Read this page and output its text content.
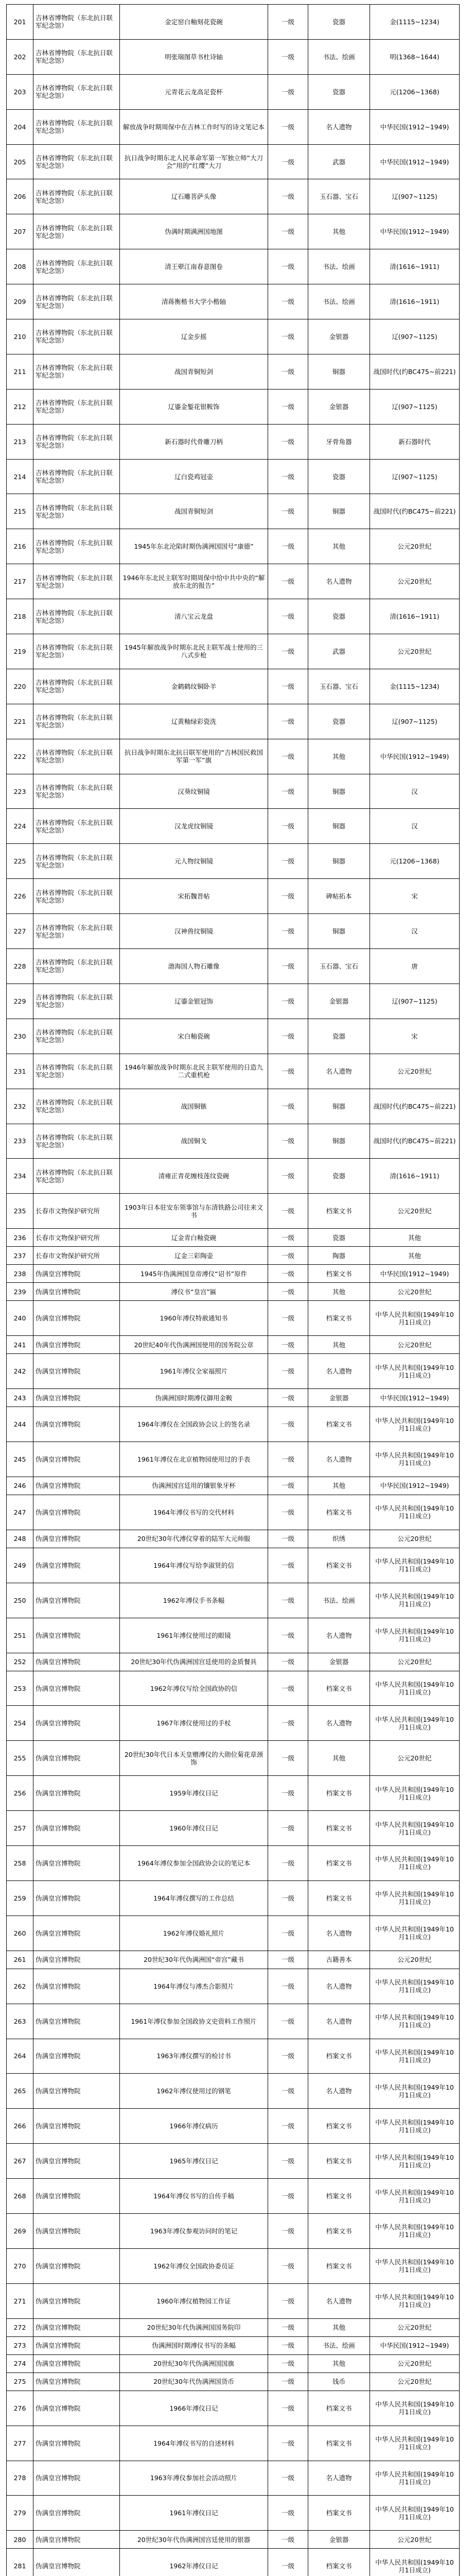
201	吉林省博物院（东北抗日联军纪念馆）	金定窑白釉刻花瓷碗	一级	瓷器	金(1115~1234)
202	吉林省博物院（东北抗日联军纪念馆）	明张瑞图草书杜诗轴	一级	书法、绘画	明(1368~1644)
203	吉林省博物院（东北抗日联军纪念馆）	元青花云龙高足瓷杯	一级	瓷器	元(1206~1368)
204	吉林省博物院（东北抗日联军纪念馆）	解放战争时期周保中在吉林工作时写的诗文笔记本	一级	名人遗物	中华民国(1912~1949)
205	吉林省博物院（东北抗日联军纪念馆）	抗日战争时期东北人民革命军第一军独立师“大刀会”用的“红缨”大刀	一级	武器	中华民国(1912~1949)
206	吉林省博物院（东北抗日联军纪念馆）	辽石雕菩萨头像	一级	玉石器、宝石	辽(907~1125)
207	吉林省博物院（东北抗日联军纪念馆）	伪满时期满洲国地图	一级	其他	中华民国(1912~1949)
208	吉林省博物院（东北抗日联军纪念馆）	清王翚江南春意图卷	一级	书法、绘画	清(1616~1911)
209	吉林省博物院（东北抗日联军纪念馆）	清蒋衡楷书大学小楷轴	一级	书法、绘画	清(1616~1911)
210	吉林省博物院（东北抗日联军纪念馆）	辽金步摇	一级	金银器	辽(907~1125)
211	吉林省博物院（东北抗日联军纪念馆）	战国青铜短剑	一级	铜器	战国时代(约BC475~前221)
212	吉林省博物院（东北抗日联军纪念馆）	辽鎏金錾花银鞍饰	一级	金银器	辽(907~1125)
213	吉林省博物院（东北抗日联军纪念馆）	新石器时代骨雕刀柄	一级	牙骨角器	新石器时代
214	吉林省博物院（东北抗日联军纪念馆）	辽白瓷鸡冠壶	一级	瓷器	辽(907~1125)
215	吉林省博物院（东北抗日联军纪念馆）	战国青铜短剑	一级	铜器	战国时代(约BC475~前221)
216	吉林省博物院（东北抗日联军纪念馆）	1945年东北沦陷时期伪满洲国国号“康德”	一级	其他	公元20世纪
217	吉林省博物院（东北抗日联军纪念馆）	1946年东北民主联军时期周保中给中共中央的“解放东北的报告”	一级	名人遗物	公元20世纪
218	吉林省博物院（东北抗日联军纪念馆）	清八宝云龙盘	一级	瓷器	清(1616~1911)
219	吉林省博物院（东北抗日联军纪念馆）	1945年解放战争时期东北民主联军战士使用的三八式步枪	一级	武器	公元20世纪
220	吉林省博物院（东北抗日联军纪念馆）	金鹤鹤纹铜卧羊	一级	玉石器、宝石	金(1115~1234)
221	吉林省博物院（东北抗日联军纪念馆）	辽黄釉绿彩瓷洗	一级	瓷器	辽(907~1125)
222	吉林省博物院（东北抗日联军纪念馆）	抗日战争时期东北抗日联军使用的“吉林国民救国军第一军”旗	一级	其他	中华民国(1912~1949)
223	吉林省博物院（东北抗日联军纪念馆）	汉葵纹铜镜	一级	铜器	汉
224	吉林省博物院（东北抗日联军纪念馆）	汉龙虎纹铜镜	一级	铜器	汉
225	吉林省博物院（东北抗日联军纪念馆）	元人物纹铜镜	一级	铜器	元(1206~1368)
226	吉林省博物院（东北抗日联军纪念馆）	宋拓魏晋帖	一级	碑帖拓本	宋
227	吉林省博物院（东北抗日联军纪念馆）	汉神兽纹铜镜	一级	铜器	汉
228	吉林省博物院（东北抗日联军纪念馆）	渤海国人物石雕像	一级	玉石器、宝石	唐
229	吉林省博物院（东北抗日联军纪念馆）	辽鎏金银冠饰	一级	金银器	辽(907~1125)
230	吉林省博物院（东北抗日联军纪念馆）	宋白釉瓷碗	一级	瓷器	宋
231	吉林省博物院（东北抗日联军纪念馆）	1946年解放战争时期东北民主联军使用的日造九二式重机枪	一级	名人遗物	公元20世纪
232	吉林省博物院（东北抗日联军纪念馆）	战国铜镞	一级	铜器	战国时代(约BC475~前221)
233	吉林省博物院（东北抗日联军纪念馆）	战国铜戈	一级	铜器	战国时代(约BC475~前221)
234	吉林省博物院（东北抗日联军纪念馆）	清雍正青花缠枝莲纹瓷碗	一级	瓷器	清(1616~1911)
235	长春市文物保护研究所	1903年日本驻安东领事馆与东清铁路公司往来文书	一级	档案文书	公元20世纪
236	长春市文物保护研究所	辽金青白釉瓷碗	一级	瓷器	其他
237	长春市文物保护研究所	辽金三彩陶壶	一级	陶器	其他
238	伪满皇宫博物院	1945年伪满洲国皇帝溥仪“诏书”原件	一级	档案文书	中华民国(1912~1949)
239	伪满皇宫博物院	溥仪书“皇宫”匾	一级	其他	公元20世纪
240	伪满皇宫博物院	1960年溥仪特赦通知书	一级	档案文书	中华人民共和国(1949年10月1日成立)
241	伪满皇宫博物院	20世纪40年代伪满洲国使用的国务院公章	一级	其他	公元20世纪
242	伪满皇宫博物院	1961年溥仪全家福照片	一级	名人遗物	中华人民共和国(1949年10月1日成立)
243	伪满皇宫博物院	伪满洲国时期溥仪御用金鞍	一级	金银器	中华民国(1912~1949)
244	伪满皇宫博物院	1964年溥仪在全国政协会议上的签名录	一级	档案文书	中华人民共和国(1949年10月1日成立)
245	伪满皇宫博物院	1961年溥仪在北京植物园使用过的手表	一级	名人遗物	中华人民共和国(1949年10月1日成立)
246	伪满皇宫博物院	伪满洲国宫廷用的镶银象牙杯	一级	其他	中华民国(1912~1949)
247	伪满皇宫博物院	1964年溥仪书写的交代材料	一级	档案文书	中华人民共和国(1949年10月1日成立)
248	伪满皇宫博物院	20世纪30年代溥仪穿着的陆军大元帅服	一级	织绣	公元20世纪
249	伪满皇宫博物院	1964年溥仪写给李淑贤的信	一级	档案文书	中华人民共和国(1949年10月1日成立)
250	伪满皇宫博物院	1962年溥仪手书条幅	一级	书法、绘画	中华人民共和国(1949年10月1日成立)
251	伪满皇宫博物院	1961年溥仪使用过的眼镜	一级	名人遗物	中华人民共和国(1949年10月1日成立)
252	伪满皇宫博物院	20世纪30年代伪满洲国宫廷使用的金质餐具	一级	金银器	公元20世纪
253	伪满皇宫博物院	1962年溥仪写给全国政协的信	一级	档案文书	中华人民共和国(1949年10月1日成立)
254	伪满皇宫博物院	1967年溥仪使用过的手杖	一级	名人遗物	中华人民共和国(1949年10月1日成立)
255	伪满皇宫博物院	20世纪30年代日本天皇赠溥仪的大勋位菊花章颈饰	一级	其他	公元20世纪
256	伪满皇宫博物院	1959年溥仪日记	一级	档案文书	中华人民共和国(1949年10月1日成立)
257	伪满皇宫博物院	1960年溥仪日记	一级	档案文书	中华人民共和国(1949年10月1日成立)
258	伪满皇宫博物院	1964年溥仪参加全国政协会议的笔记本	一级	档案文书	中华人民共和国(1949年10月1日成立)
259	伪满皇宫博物院	1964年溥仪撰写的工作总结	一级	档案文书	中华人民共和国(1949年10月1日成立)
260	伪满皇宫博物院	1962年溥仪婚礼照片	一级	名人遗物	中华人民共和国(1949年10月1日成立)
261	伪满皇宫博物院	20世纪30年代伪满洲国“帝宫”藏书	一级	古籍善本	公元20世纪
262	伪满皇宫博物院	1964年溥仪与溥杰合影照片	一级	名人遗物	中华人民共和国(1949年10月1日成立)
263	伪满皇宫博物院	1961年溥仪参加全国政协文史资料工作照片	一级	名人遗物	中华人民共和国(1949年10月1日成立)
264	伪满皇宫博物院	1963年溥仪撰写的检讨书	一级	档案文书	中华人民共和国(1949年10月1日成立)
265	伪满皇宫博物院	1962年溥仪使用过的钢笔	一级	名人遗物	中华人民共和国(1949年10月1日成立)
266	伪满皇宫博物院	1966年溥仪病历	一级	档案文书	中华人民共和国(1949年10月1日成立)
267	伪满皇宫博物院	1965年溥仪日记	一级	档案文书	中华人民共和国(1949年10月1日成立)
268	伪满皇宫博物院	1964年溥仪书写的自传手稿	一级	档案文书	中华人民共和国(1949年10月1日成立)
269	伪满皇宫博物院	1963年溥仪参观访问时的笔记	一级	档案文书	中华人民共和国(1949年10月1日成立)
270	伪满皇宫博物院	1962年溥仪全国政协委员证	一级	档案文书	中华人民共和国(1949年10月1日成立)
271	伪满皇宫博物院	1960年溥仪植物园工作证	一级	名人遗物	中华人民共和国(1949年10月1日成立)
272	伪满皇宫博物院	20世纪30年代伪满洲国国务院印	一级	其他	公元20世纪
273	伪满皇宫博物院	伪满洲国时期溥仪书写的条幅	一级	书法、绘画	中华民国(1912~1949)
274	伪满皇宫博物院	20世纪30年代伪满洲国国旗	一级	其他	公元20世纪
275	伪满皇宫博物院	20世纪30年代伪满洲国货币	一级	钱币	公元20世纪
276	伪满皇宫博物院	1966年溥仪日记	一级	档案文书	中华人民共和国(1949年10月1日成立)
277	伪满皇宫博物院	1964年溥仪书写的自述材料	一级	档案文书	中华人民共和国(1949年10月1日成立)
278	伪满皇宫博物院	1963年溥仪参加社会活动照片	一级	名人遗物	中华人民共和国(1949年10月1日成立)
279	伪满皇宫博物院	1961年溥仪日记	一级	档案文书	中华人民共和国(1949年10月1日成立)
280	伪满皇宫博物院	20世纪30年代伪满洲国宫廷使用的银器	一级	金银器	公元20世纪
281	伪满皇宫博物院	1962年溥仪日记	一级	档案文书	中华人民共和国(1949年10月1日成立)
